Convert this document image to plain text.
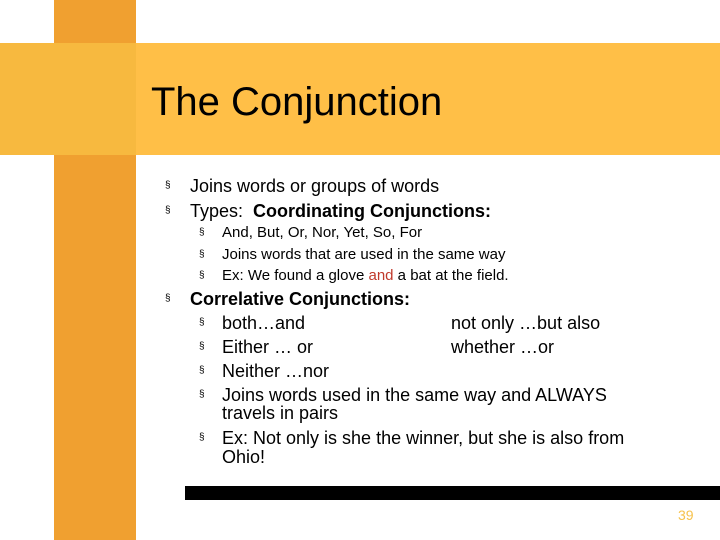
The Conjunction
§ Joins words or groups of words
§ Types: Coordinating Conjunctions:
§ And, But, Or, Nor, Yet, So, For
§ Joins words that are used in the same way
§ Ex: We found a glove and a bat at the field.
§ Correlative Conjunctions:
§ both…and	not only …but also
§ Either … or	whether …or
§ Neither …nor
§ Joins words used in the same way and ALWAYS
travels in pairs
§ Ex: Not only is she the winner, but she is also from
Ohio!
39
